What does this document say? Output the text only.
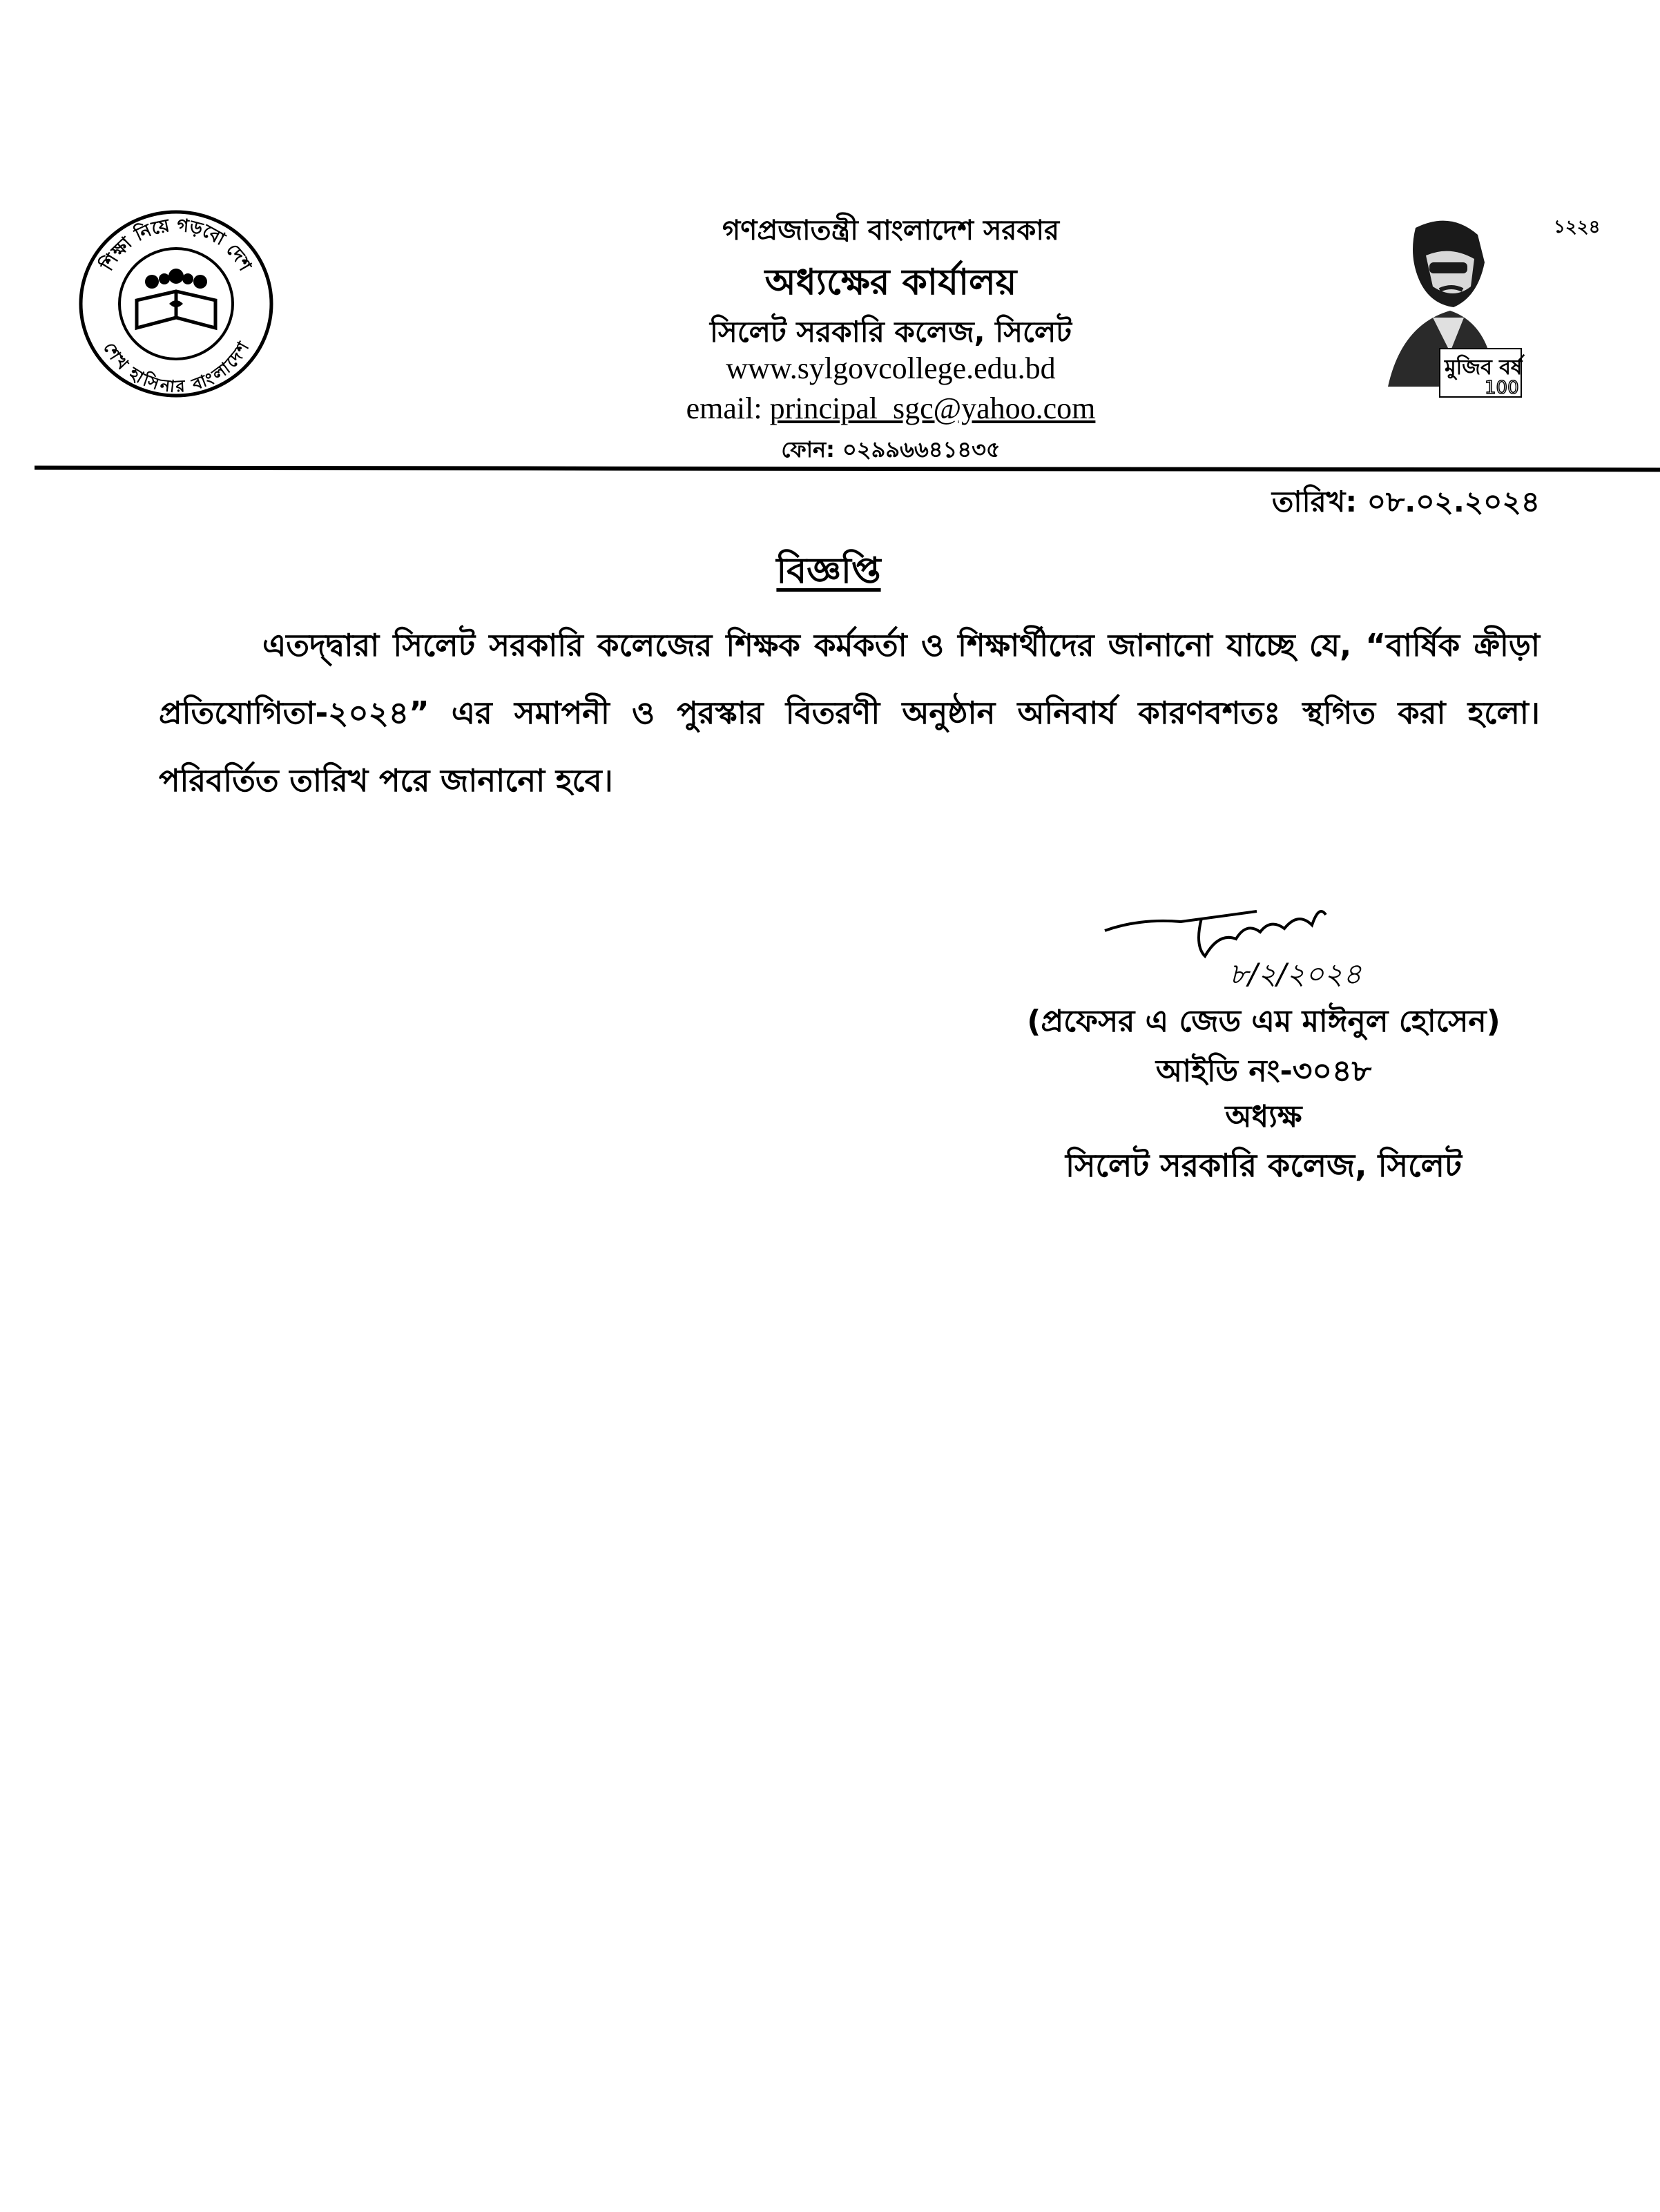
শিক্ষা নিয়ে গড়বো দেশ
শেখ হাসিনার বাংলাদেশ
মুজিব বর্ষ
100
১২২৪
গণপ্রজাতন্ত্রী বাংলাদেশ সরকার
অধ্যক্ষের কার্যালয়
সিলেট সরকারি কলেজ, সিলেট
www.sylgovcollege.edu.bd
email: principal_sgc@yahoo.com
ফোন: ০২৯৯৬৬৪১৪৩৫
তারিখ: ০৮.০২.২০২৪
বিজ্ঞপ্তি
এতদ্দ্বারা সিলেট সরকারি কলেজের শিক্ষক কর্মকর্তা ও শিক্ষার্থীদের জানানো যাচ্ছে যে, “বার্ষিক ক্রীড়া প্রতিযোগিতা-২০২৪” এর সমাপনী ও পুরস্কার বিতরণী অনুষ্ঠান অনিবার্য কারণবশতঃ স্থগিত করা হলো। পরিবর্তিত তারিখ পরে জানানো হবে।
৮/২/২০২৪
(প্রফেসর এ জেড এম মাঈনুল হোসেন)
আইডি নং-৩০৪৮
অধ্যক্ষ
সিলেট সরকারি কলেজ, সিলেট
